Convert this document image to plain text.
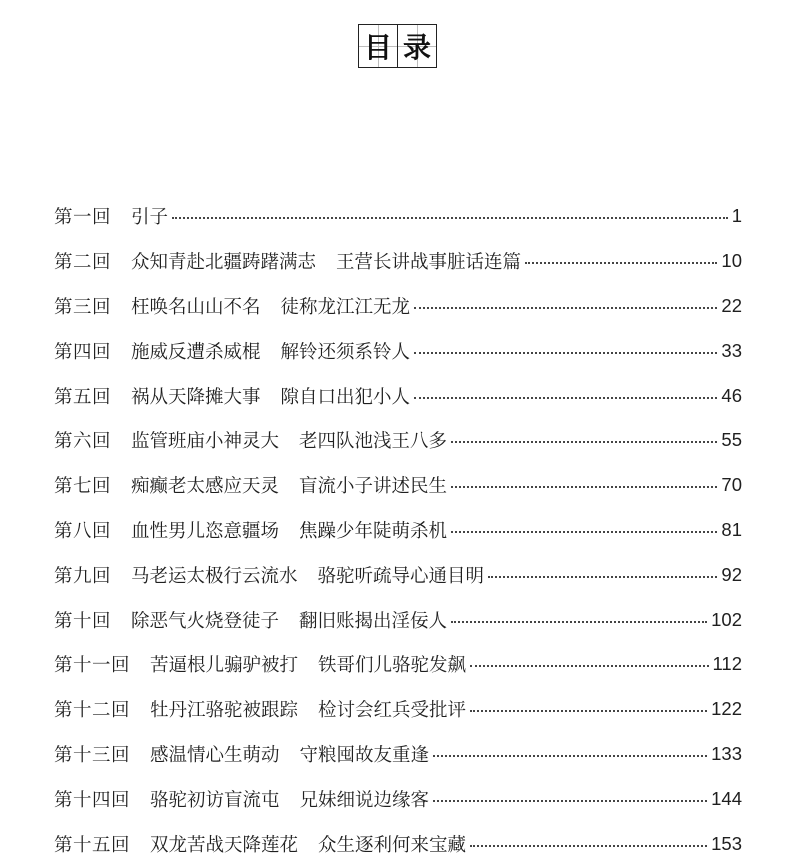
目 录
第一回 引子	1
第二回 众知青赴北疆踌躇满志 王营长讲战事脏话连篇	10
第三回 枉唤名山山不名 徒称龙江江无龙	22
第四回 施威反遭杀威棍 解铃还须系铃人	33
第五回 祸从天降摊大事 隙自口出犯小人	46
第六回 监管班庙小神灵大 老四队池浅王八多	55
第七回 痴癫老太感应天灵 盲流小子讲述民生	70
第八回 血性男儿恣意疆场 焦躁少年陡萌杀机	81
第九回 马老运太极行云流水 骆驼听疏导心通目明	92
第十回 除恶气火烧登徒子 翻旧账揭出淫佞人	102
第十一回 苦逼根儿骟驴被打 铁哥们儿骆驼发飙	112
第十二回 牡丹江骆驼被跟踪 检讨会红兵受批评	122
第十三回 感温情心生萌动 守粮囤故友重逢	133
第十四回 骆驼初访盲流屯 兄妹细说边缘客	144
第十五回 双龙苦战天降莲花 众生逐利何来宝藏	153
